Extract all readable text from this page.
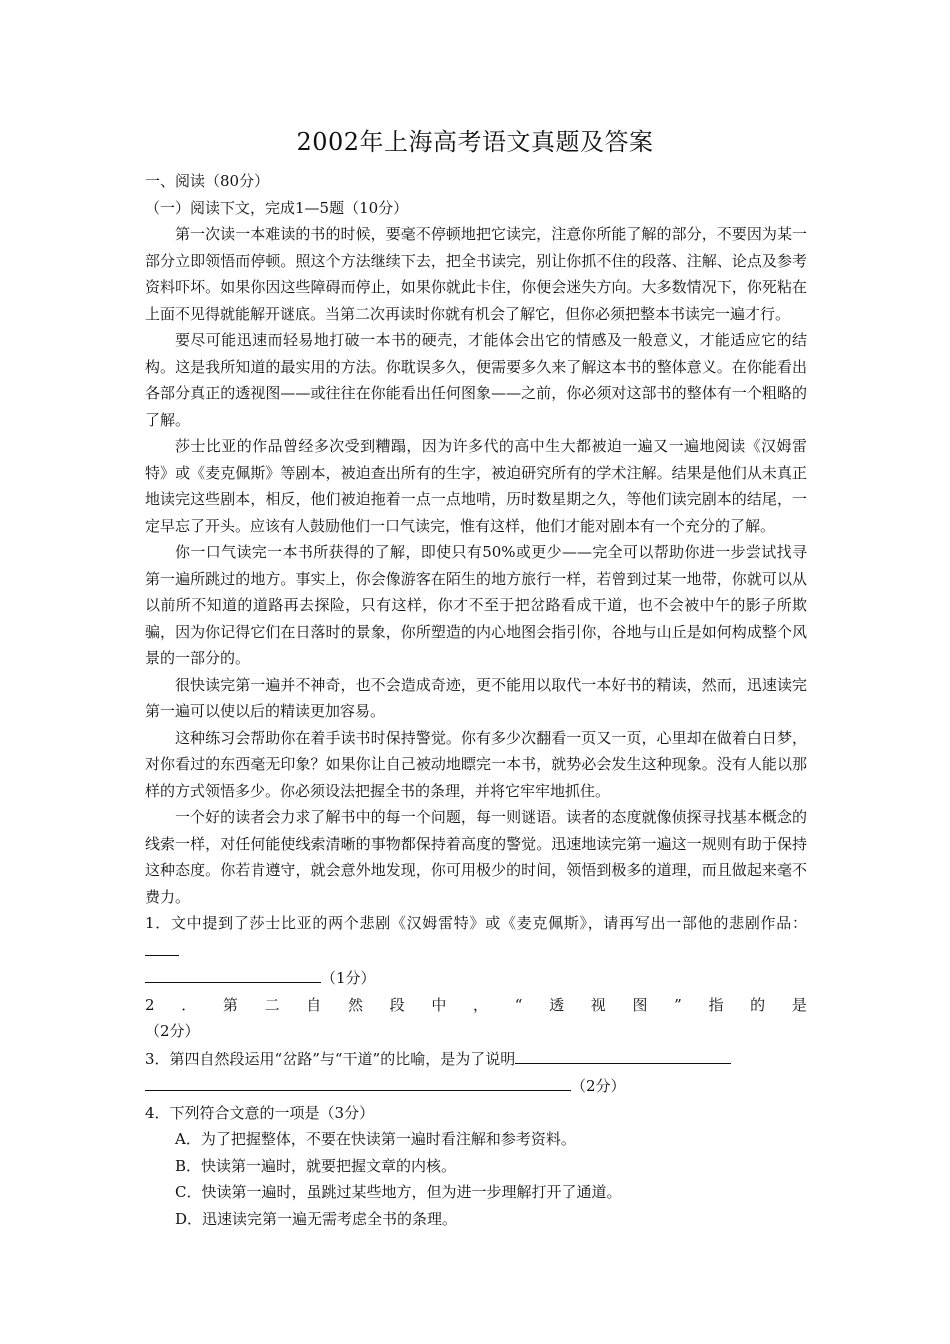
2002年上海高考语文真题及答案

一、阅读（80分）

（一）阅读下文，完成1—5题（10分）

第一次读一本难读的书的时候，要毫不停顿地把它读完，注意你所能了解的部分，不要因为某一部分立即领悟而停顿。照这个方法继续下去，把全书读完，别让你抓不住的段落、注解、论点及参考资料吓坏。如果你因这些障碍而停止，如果你就此卡住，你便会迷失方向。大多数情况下，你死粘在上面不见得就能解开谜底。当第二次再读时你就有机会了解它，但你必须把整本书读完一遍才行。

要尽可能迅速而轻易地打破一本书的硬壳，才能体会出它的情感及一般意义，才能适应它的结构。这是我所知道的最实用的方法。你耽误多久，便需要多久来了解这本书的整体意义。在你能看出各部分真正的透视图——或往往在你能看出任何图象——之前，你必须对这部书的整体有一个粗略的了解。

莎士比亚的作品曾经多次受到糟蹋，因为许多代的高中生大都被迫一遍又一遍地阅读《汉姆雷特》或《麦克佩斯》等剧本，被迫查出所有的生字，被迫研究所有的学术注解。结果是他们从未真正地读完这些剧本，相反，他们被迫拖着一点一点地啃，历时数星期之久，等他们读完剧本的结尾，一定早忘了开头。应该有人鼓励他们一口气读完，惟有这样，他们才能对剧本有一个充分的了解。

你一口气读完一本书所获得的了解，即使只有50%或更少——完全可以帮助你进一步尝试找寻第一遍所跳过的地方。事实上，你会像游客在陌生的地方旅行一样，若曾到过某一地带，你就可以从以前所不知道的道路再去探险，只有这样，你才不至于把岔路看成干道，也不会被中午的影子所欺骗，因为你记得它们在日落时的景象，你所塑造的内心地图会指引你，谷地与山丘是如何构成整个风景的一部分的。

很快读完第一遍并不神奇，也不会造成奇迹，更不能用以取代一本好书的精读，然而，迅速读完第一遍可以使以后的精读更加容易。

这种练习会帮助你在着手读书时保持警觉。你有多少次翻看一页又一页，心里却在做着白日梦，对你看过的东西毫无印象？如果你让自己被动地瞟完一本书，就势必会发生这种现象。没有人能以那样的方式领悟多少。你必须设法把握全书的条理，并将它牢牢地抓住。

一个好的读者会力求了解书中的每一个问题，每一则谜语。读者的态度就像侦探寻找基本概念的线索一样，对任何能使线索清晰的事物都保持着高度的警觉。迅速地读完第一遍这一规则有助于保持这种态度。你若肯遵守，就会意外地发现，你可用极少的时间，领悟到极多的道理，而且做起来毫不费力。

1．文中提到了莎士比亚的两个悲剧《汉姆雷特》或《麦克佩斯》，请再写出一部他的悲剧作品：

（1分）

2 ． 第 二 自 然 段 中 ， “ 透 视 图 ” 指 的 是

（2分）

3．第四自然段运用“岔路”与“干道”的比喻，是为了说明

（2分）

4．下列符合文意的一项是（3分）

A．为了把握整体，不要在快读第一遍时看注解和参考资料。

B．快读第一遍时，就要把握文章的内核。

C．快读第一遍时，虽跳过某些地方，但为进一步理解打开了通道。

D．迅速读完第一遍无需考虑全书的条理。
